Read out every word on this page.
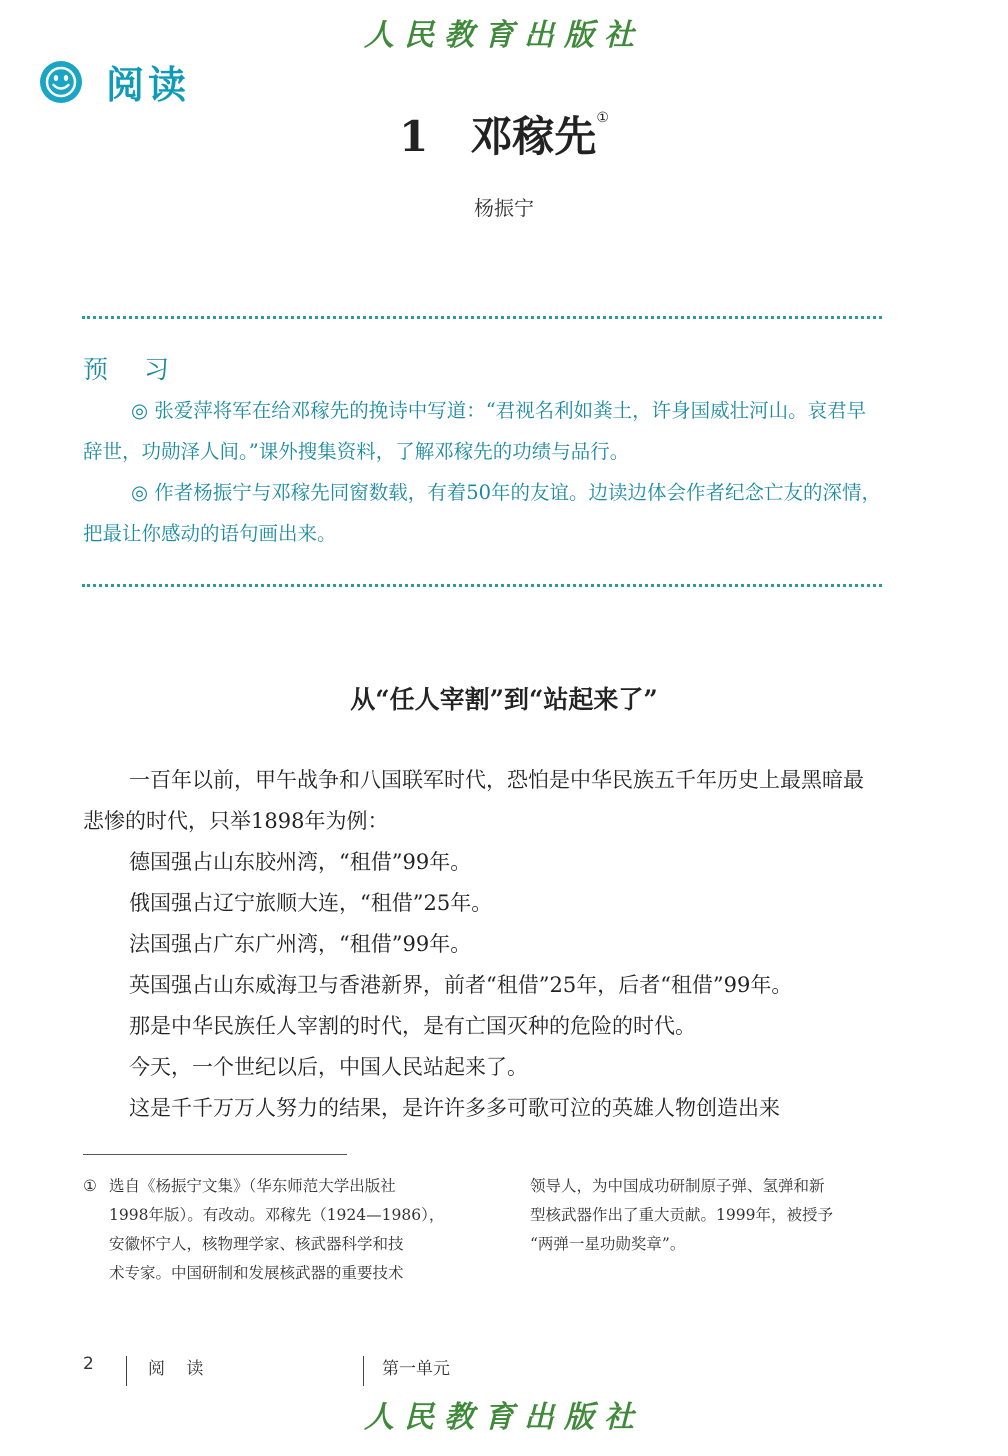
人民教育出版社
阅读
1 邓稼先①
杨振宁
预 习

◎ 张爱萍将军在给邓稼先的挽诗中写道：“君视名利如粪土，许身国威壮河山。哀君早辞世，功勋泽人间。”课外搜集资料，了解邓稼先的功绩与品行。

◎ 作者杨振宁与邓稼先同窗数载，有着50年的友谊。边读边体会作者纪念亡友的深情，把最让你感动的语句画出来。

从“任人宰割”到“站起来了”

一百年以前，甲午战争和八国联军时代，恐怕是中华民族五千年历史上最黑暗最悲惨的时代，只举1898年为例：

德国强占山东胶州湾，“租借”99年。

俄国强占辽宁旅顺大连，“租借”25年。

法国强占广东广州湾，“租借”99年。

英国强占山东威海卫与香港新界，前者“租借”25年，后者“租借”99年。

那是中华民族任人宰割的时代，是有亡国灭种的危险的时代。

今天，一个世纪以后，中国人民站起来了。

这是千千万万人努力的结果，是许许多多可歌可泣的英雄人物创造出来

① 选自《杨振宁文集》（华东师范大学出版社
1998年版）。有改动。邓稼先（1924—1986），
安徽怀宁人，核物理学家、核武器科学和技
术专家。中国研制和发展核武器的重要技术
领导人，为中国成功研制原子弹、氢弹和新
型核武器作出了重大贡献。1999年，被授予
“两弹一星功勋奖章”。
2	阅 读	第一单元
人民教育出版社
